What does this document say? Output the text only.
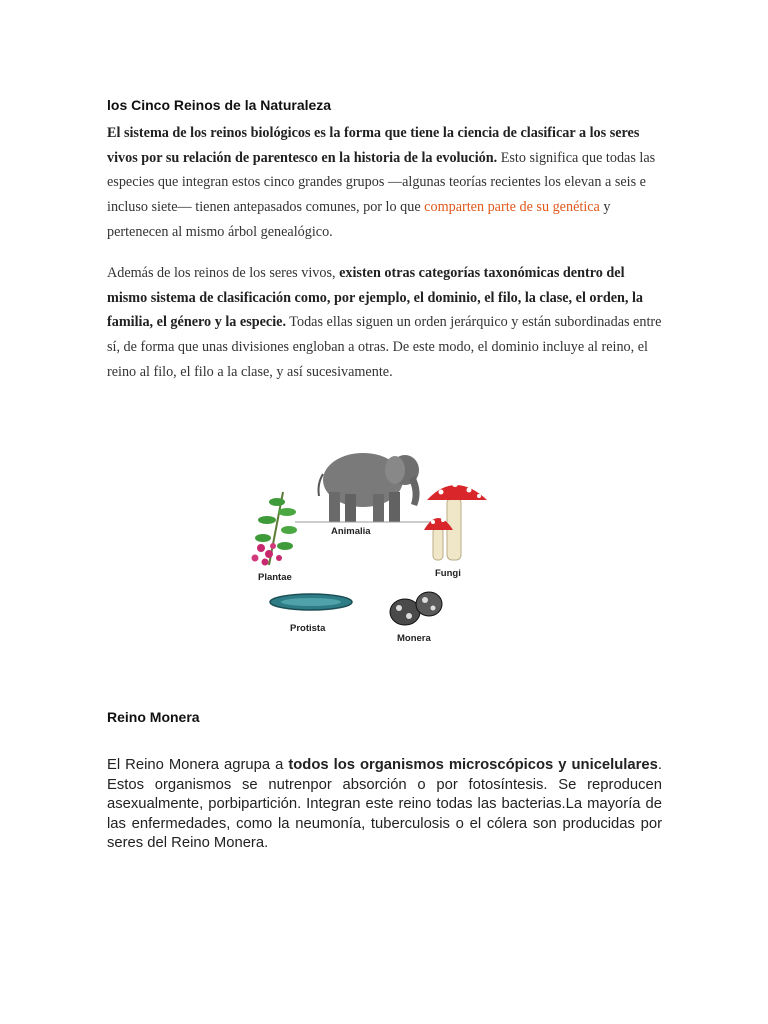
los Cinco Reinos de la Naturaleza

El sistema de los reinos biológicos es la forma que tiene la ciencia de clasificar a los seres vivos por su relación de parentesco en la historia de la evolución. Esto significa que todas las especies que integran estos cinco grandes grupos —algunas teorías recientes los elevan a seis e incluso siete— tienen antepasados comunes, por lo que comparten parte de su genética y pertenecen al mismo árbol genealógico.

Además de los reinos de los seres vivos, existen otras categorías taxonómicas dentro del mismo sistema de clasificación como, por ejemplo, el dominio, el filo, la clase, el orden, la familia, el género y la especie. Todas ellas siguen un orden jerárquico y están subordinadas entre sí, de forma que unas divisiones engloban a otras. De este modo, el dominio incluye al reino, el reino al filo, el filo a la clase, y así sucesivamente.

Animalia
Plantae	Fungi
Protista
Monera
Reino Monera

El Reino Monera agrupa a todos los organismos microscópicos y unicelulares. Estos organismos se nutrenpor absorción o por fotosíntesis. Se reproducen asexualmente, porbipartición. Integran este reino todas las bacterias.La mayoría de las enfermedades, como la neumonía, tuberculosis o el cólera son producidas por seres del Reino Monera.
